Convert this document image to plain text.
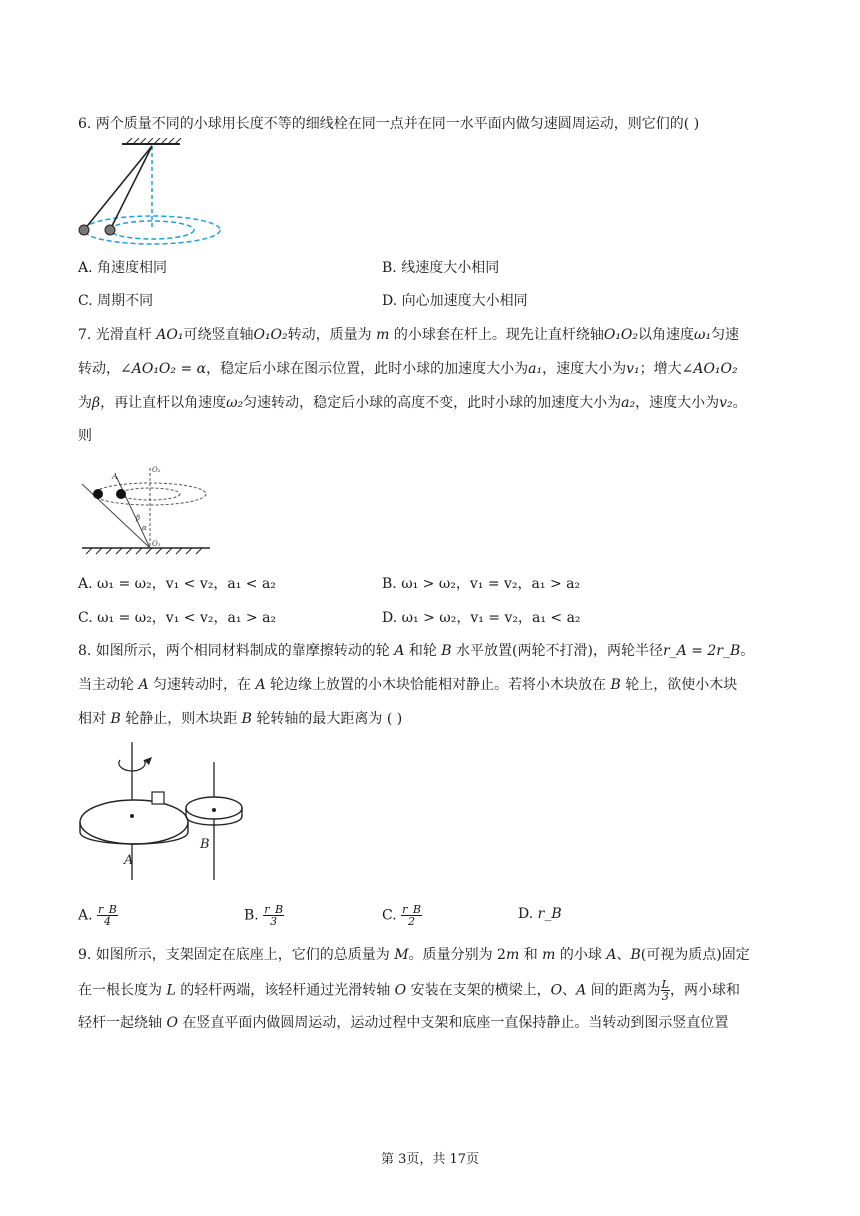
6. 两个质量不同的小球用长度不等的细线栓在同一点并在同一水平面内做匀速圆周运动，则它们的( )
A. 角速度相同	B. 线速度大小相同
C. 周期不同	D. 向心加速度大小相同
7. 光滑直杆 AO₁可绕竖直轴O₁O₂转动，质量为 m 的小球套在杆上。现先让直杆绕轴O₁O₂以角速度ω₁匀速
转动，∠AO₁O₂ = α，稳定后小球在图示位置，此时小球的加速度大小为a₁，速度大小为v₁；增大∠AO₁O₂
为β，再让直杆以角速度ω₂匀速转动，稳定后小球的高度不变，此时小球的加速度大小为a₂，速度大小为v₂。
则
A
O₂
O₁
α
β
A. ω₁ = ω₂，v₁ < v₂，a₁ < a₂	B. ω₁ > ω₂，v₁ = v₂，a₁ > a₂
C. ω₁ = ω₂，v₁ < v₂，a₁ > a₂	D. ω₁ > ω₂，v₁ = v₂，a₁ < a₂
8. 如图所示，两个相同材料制成的靠摩擦转动的轮 A 和轮 B 水平放置(两轮不打滑)，两轮半径r_A = 2r_B。
当主动轮 A 匀速转动时，在 A 轮边缘上放置的小木块恰能相对静止。若将小木块放在 B 轮上，欲使小木块
相对 B 轮静止，则木块距 B 轮转轴的最大距离为 ( )
A
B
A. $\frac{r\_B}{4}$	B. $\frac{r\_B}{3}$	C. $\frac{r\_B}{2}$	D. r_B
9. 如图所示，支架固定在底座上，它们的总质量为 M。质量分别为 2m 和 m 的小球 A、B(可视为质点)固定
在一根长度为 L 的轻杆两端，该轻杆通过光滑转轴 O 安装在支架的横梁上，O、A 间的距离为 $\frac{L}{3}$ ，两小球和
轻杆一起绕轴 O 在竖直平面内做圆周运动，运动过程中支架和底座一直保持静止。当转动到图示竖直位置
第 3页，共 17页
